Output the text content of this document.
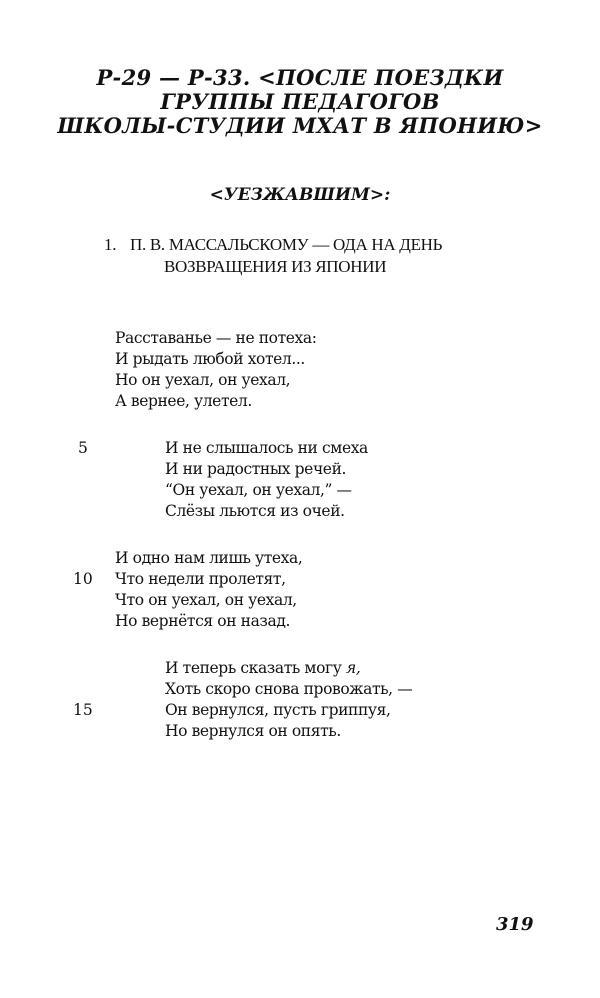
Р-29 — Р-33. <ПОСЛЕ ПОЕЗДКИ
ГРУППЫ ПЕДАГОГОВ
ШКОЛЫ-СТУДИИ МХАТ В ЯПОНИЮ>
<УЕЗЖАВШИМ>:
1. П. В. МАССАЛЬСКОМУ — ОДА НА ДЕНЬ
ВОЗВРАЩЕНИЯ ИЗ ЯПОНИИ
Расставанье — не потеха:
И рыдать любой хотел...
Но он уехал, он уехал,
А вернее, улетел.
5	И не слышалось ни смеха
И ни радостных речей.
“Он уехал, он уехал,” —
Слёзы льются из очей.
10
И одно нам лишь утеха,
Что недели пролетят,
Что он уехал, он уехал,
Но вернётся он назад.
15
И теперь сказать могу я,
Хоть скоро снова провожать, —
Он вернулся, пусть гриппуя,
Но вернулся он опять.
319
